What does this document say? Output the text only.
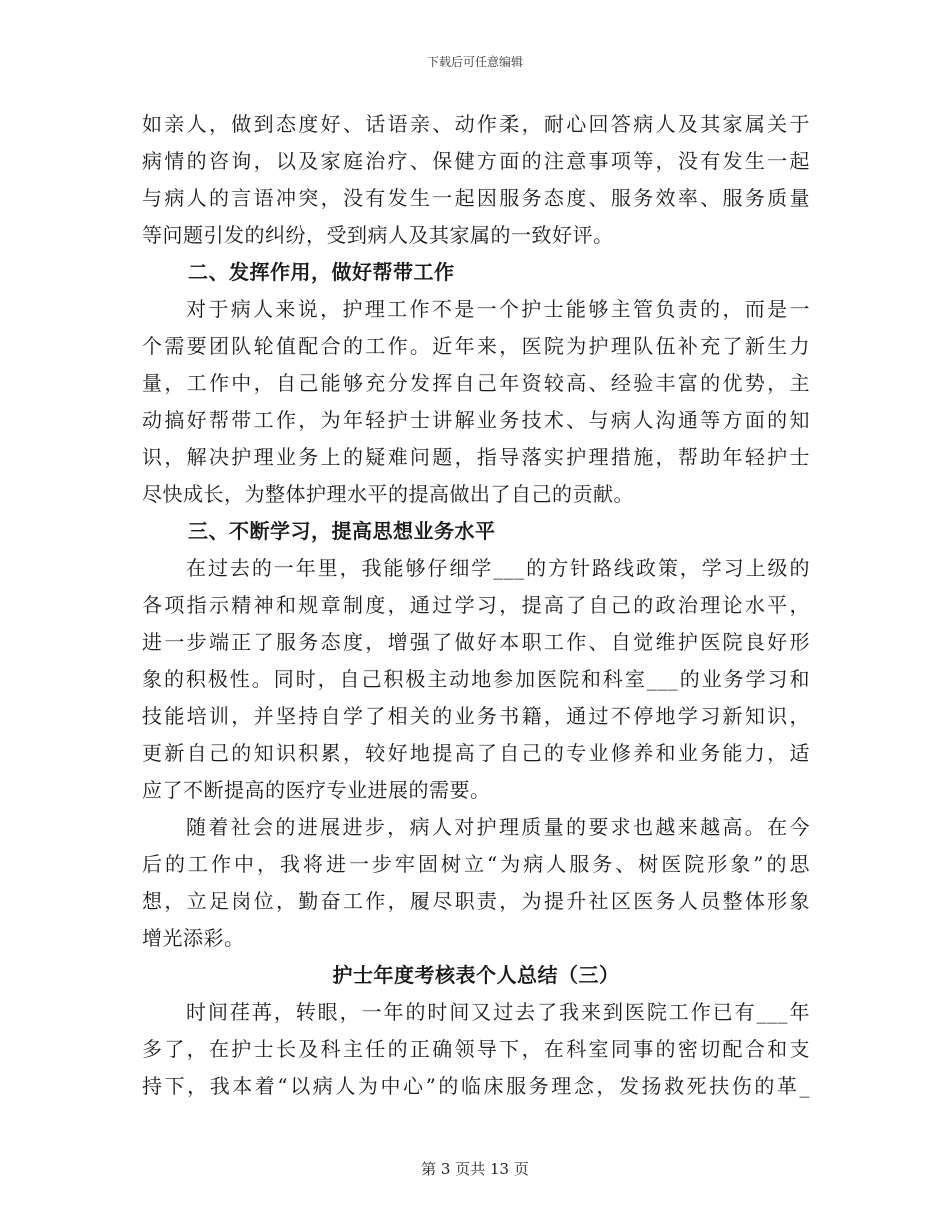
下载后可任意编辑
如亲人，做到态度好、话语亲、动作柔，耐心回答病人及其家属关于
病情的咨询，以及家庭治疗、保健方面的注意事项等，没有发生一起
与病人的言语冲突，没有发生一起因服务态度、服务效率、服务质量
等问题引发的纠纷，受到病人及其家属的一致好评。
二、发挥作用，做好帮带工作
对于病人来说，护理工作不是一个护士能够主管负责的，而是一
个需要团队轮值配合的工作。近年来，医院为护理队伍补充了新生力
量，工作中，自己能够充分发挥自己年资较高、经验丰富的优势，主
动搞好帮带工作，为年轻护士讲解业务技术、与病人沟通等方面的知
识，解决护理业务上的疑难问题，指导落实护理措施，帮助年轻护士
尽快成长，为整体护理水平的提高做出了自己的贡献。
三、不断学习，提高思想业务水平
在过去的一年里，我能够仔细学___的方针路线政策，学习上级的
各项指示精神和规章制度，通过学习，提高了自己的政治理论水平，
进一步端正了服务态度，增强了做好本职工作、自觉维护医院良好形
象的积极性。同时，自己积极主动地参加医院和科室___的业务学习和
技能培训，并坚持自学了相关的业务书籍，通过不停地学习新知识，
更新自己的知识积累，较好地提高了自己的专业修养和业务能力，适
应了不断提高的医疗专业进展的需要。
随着社会的进展进步，病人对护理质量的要求也越来越高。在今
后的工作中，我将进一步牢固树立“为病人服务、树医院形象”的思
想，立足岗位，勤奋工作，履尽职责，为提升社区医务人员整体形象
增光添彩。
护士年度考核表个人总结（三）
时间荏苒，转眼，一年的时间又过去了我来到医院工作已有___年
多了，在护士长及科主任的正确领导下，在科室同事的密切配合和支
持下，我本着“以病人为中心”的临床服务理念，发扬救死扶伤的革_
第 3 页共 13 页
